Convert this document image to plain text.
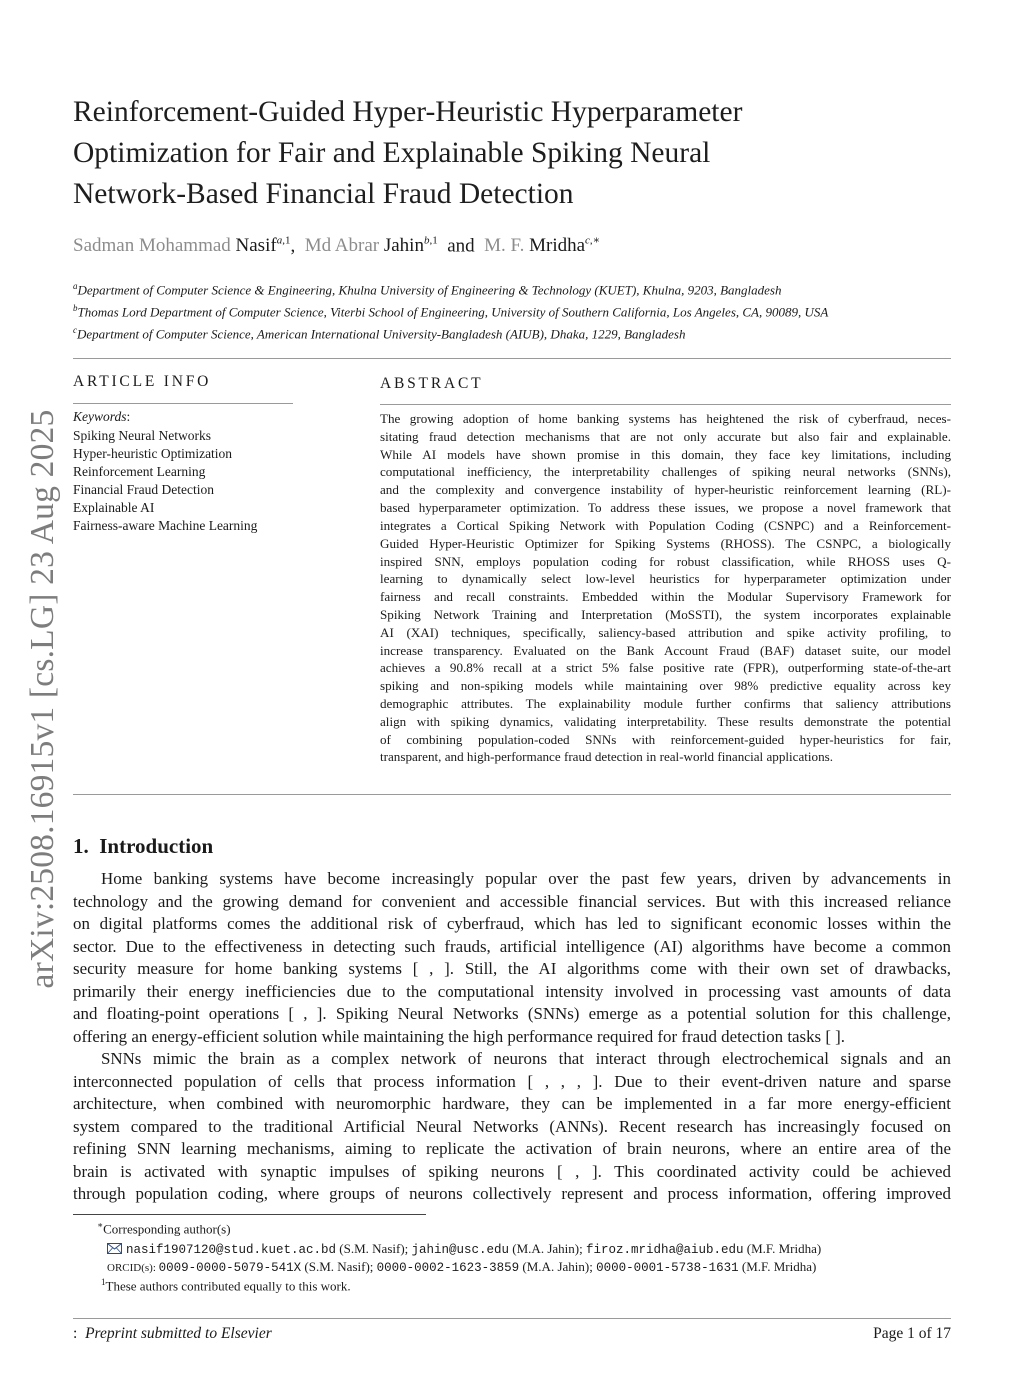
arXiv:2508.16915v1 [cs.LG] 23 Aug 2025
Reinforcement-Guided Hyper-Heuristic Hyperparameter
Optimization for Fair and Explainable Spiking Neural
Network-Based Financial Fraud Detection
Sadman Mohammad Nasif$^{a,1}$,  Md Abrar Jahin$^{b,1}$  and  M. F. Mridha$^{c,∗}$
$^a$Department of Computer Science & Engineering, Khulna University of Engineering & Technology (KUET), Khulna, 9203, Bangladesh
$^b$Thomas Lord Department of Computer Science, Viterbi School of Engineering, University of Southern California, Los Angeles, CA, 90089, USA
$^c$Department of Computer Science, American International University-Bangladesh (AIUB), Dhaka, 1229, Bangladesh
ARTICLE INFO
Keywords:
Spiking Neural Networks
Hyper-heuristic Optimization
Reinforcement Learning
Financial Fraud Detection
Explainable AI
Fairness-aware Machine Learning
ABSTRACT
The growing adoption of home banking systems has heightened the risk of cyberfraud, neces-
sitating fraud detection mechanisms that are not only accurate but also fair and explainable.
While AI models have shown promise in this domain, they face key limitations, including
computational inefficiency, the interpretability challenges of spiking neural networks (SNNs),
and the complexity and convergence instability of hyper-heuristic reinforcement learning (RL)-
based hyperparameter optimization. To address these issues, we propose a novel framework that
integrates a Cortical Spiking Network with Population Coding (CSNPC) and a Reinforcement-
Guided Hyper-Heuristic Optimizer for Spiking Systems (RHOSS). The CSNPC, a biologically
inspired SNN, employs population coding for robust classification, while RHOSS uses Q-
learning to dynamically select low-level heuristics for hyperparameter optimization under
fairness and recall constraints. Embedded within the Modular Supervisory Framework for
Spiking Network Training and Interpretation (MoSSTI), the system incorporates explainable
AI (XAI) techniques, specifically, saliency-based attribution and spike activity profiling, to
increase transparency. Evaluated on the Bank Account Fraud (BAF) dataset suite, our model
achieves a 90.8% recall at a strict 5% false positive rate (FPR), outperforming state-of-the-art
spiking and non-spiking models while maintaining over 98% predictive equality across key
demographic attributes. The explainability module further confirms that saliency attributions
align with spiking dynamics, validating interpretability. These results demonstrate the potential
of combining population-coded SNNs with reinforcement-guided hyper-heuristics for fair,
transparent, and high-performance fraud detection in real-world financial applications.
1. Introduction
Home banking systems have become increasingly popular over the past few years, driven by advancements in
technology and the growing demand for convenient and accessible financial services. But with this increased reliance
on digital platforms comes the additional risk of cyberfraud, which has led to significant economic losses within the
sector. Due to the effectiveness in detecting such frauds, artificial intelligence (AI) algorithms have become a common
security measure for home banking systems [ , ]. Still, the AI algorithms come with their own set of drawbacks,
primarily their energy inefficiencies due to the computational intensity involved in processing vast amounts of data
and floating-point operations [ , ]. Spiking Neural Networks (SNNs) emerge as a potential solution for this challenge,
offering an energy-efficient solution while maintaining the high performance required for fraud detection tasks [ ].
SNNs mimic the brain as a complex network of neurons that interact through electrochemical signals and an
interconnected population of cells that process information [ , , , ]. Due to their event-driven nature and sparse
architecture, when combined with neuromorphic hardware, they can be implemented in a far more energy-efficient
system compared to the traditional Artificial Neural Networks (ANNs). Recent research has increasingly focused on
refining SNN learning mechanisms, aiming to replicate the activation of brain neurons, where an entire area of the
brain is activated with synaptic impulses of spiking neurons [ , ]. This coordinated activity could be achieved
through population coding, where groups of neurons collectively represent and process information, offering improved
∗Corresponding author(s)
nasif1907120@stud.kuet.ac.bd (S.M. Nasif); jahin@usc.edu (M.A. Jahin); firoz.mridha@aiub.edu (M.F. Mridha)
ORCID(s): 0009-0000-5079-541X (S.M. Nasif); 0000-0002-1623-3859 (M.A. Jahin); 0000-0001-5738-1631 (M.F. Mridha)
$^1$These authors contributed equally to this work.
: Preprint submitted to Elsevier	Page 1 of 17
